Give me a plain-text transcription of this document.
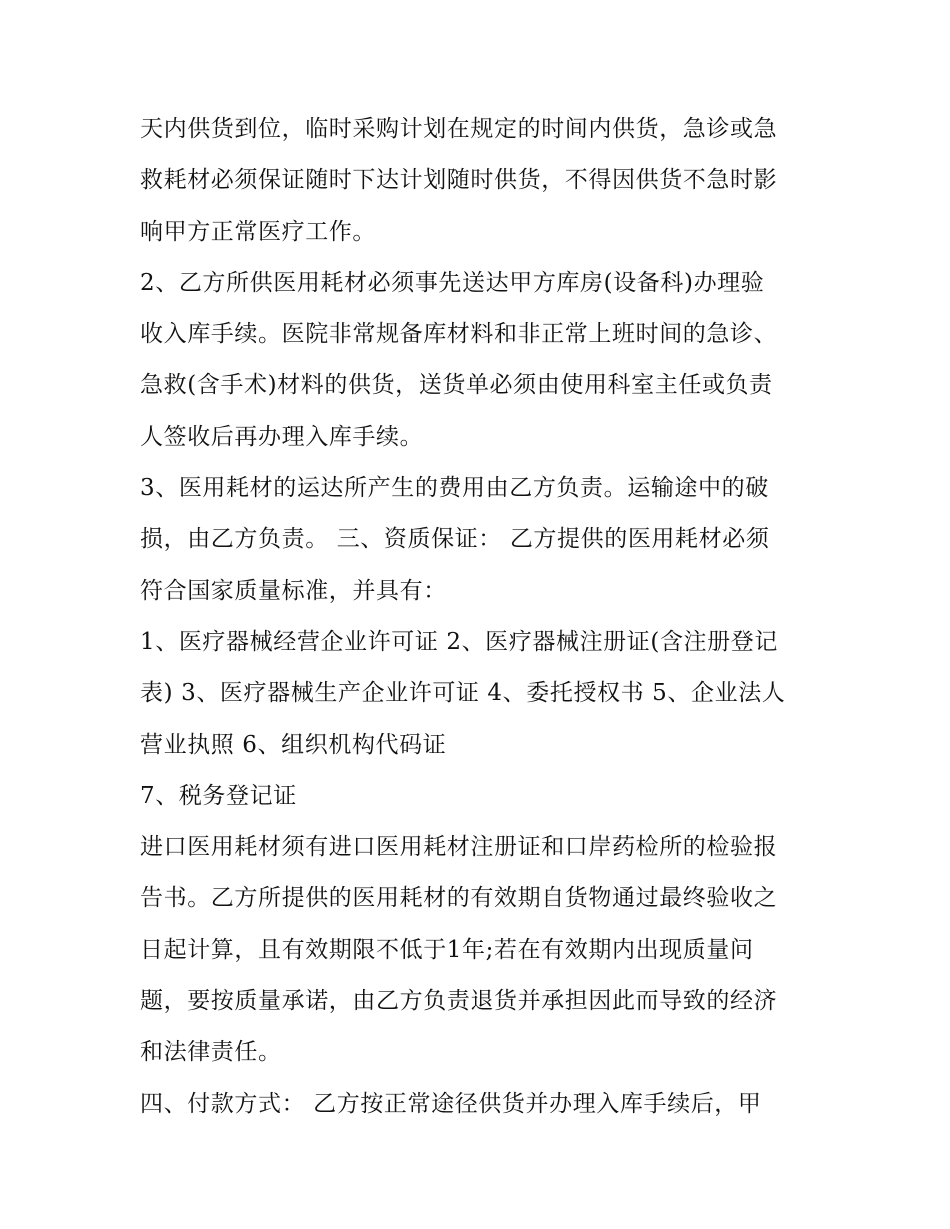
天内供货到位，临时采购计划在规定的时间内供货，急诊或急
救耗材必须保证随时下达计划随时供货，不得因供货不急时影
响甲方正常医疗工作。

2、乙方所供医用耗材必须事先送达甲方库房(设备科)办理验
收入库手续。医院非常规备库材料和非正常上班时间的急诊、
急救(含手术)材料的供货，送货单必须由使用科室主任或负责
人签收后再办理入库手续。

3、医用耗材的运达所产生的费用由乙方负责。运输途中的破
损，由乙方负责。 三、资质保证： 乙方提供的医用耗材必须
符合国家质量标准，并具有：

1、医疗器械经营企业许可证 2、医疗器械注册证(含注册登记
表) 3、医疗器械生产企业许可证 4、委托授权书 5、企业法人
营业执照 6、组织机构代码证

7、税务登记证

进口医用耗材须有进口医用耗材注册证和口岸药检所的检验报
告书。乙方所提供的医用耗材的有效期自货物通过最终验收之
日起计算，且有效期限不低于1年;若在有效期内出现质量问
题，要按质量承诺，由乙方负责退货并承担因此而导致的经济
和法律责任。

四、付款方式： 乙方按正常途径供货并办理入库手续后，甲
